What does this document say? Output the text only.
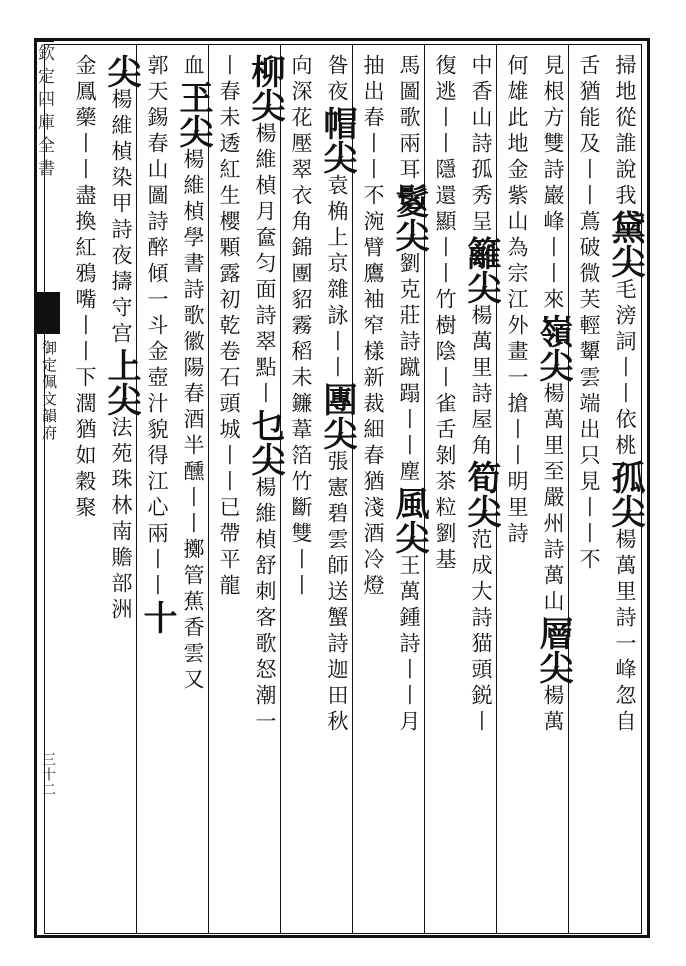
欽定四庫全書
御定佩文韻府
三十二
掃地從誰說我黛尖毛滂詞丨丨依桃孤尖楊萬里詩一峰忽自
舌猶能及丨丨蔦破微芙輕顰雲端出只見丨丨不
見根方雙詩巖峰丨丨來嶺尖楊萬里至嚴州詩萬山層尖楊萬
何雄此地金紫山為宗江外畫一搶丨丨明里詩
中香山詩孤秀呈籬尖楊萬里詩屋角筍尖范成大詩猫頭鋭丨
復逃丨丨隱還顯丨丨竹樹陰丨雀舌剝茶粒劉基
馬圖歌兩耳鬉尖劉克莊詩蹴蹋丨丨塵風尖王萬鍾詩丨丨月
抽出春丨丨不涴臂鷹袖窄樣新裁細春猶淺酒冷燈
昝夜帽尖袁桷上京雜詠丨丨團尖張憲碧雲師送蟹詩迦田秋
向深花壓翠衣角錦團貂霧稻未鐮葦箔竹斷雙丨丨
柳尖楊維楨月奩匀面詩翠點丨乜尖楊維楨舒刺客歌怒潮一
丨春未透紅生櫻顆露初乾卷石頭城丨丨已帶平龍
血玊尖楊維楨學書詩歌徽陽春酒半醺丨丨擲管蕉香雲又
郭天錫春山圖詩醉傾一斗金壺汁貌得江心兩丨丨十
尖楊維楨染甲詩夜擣守宫上尖法苑珠林南贍部洲
金鳳藥丨丨盡換紅鴉嘴丨丨下濶猶如穀聚
